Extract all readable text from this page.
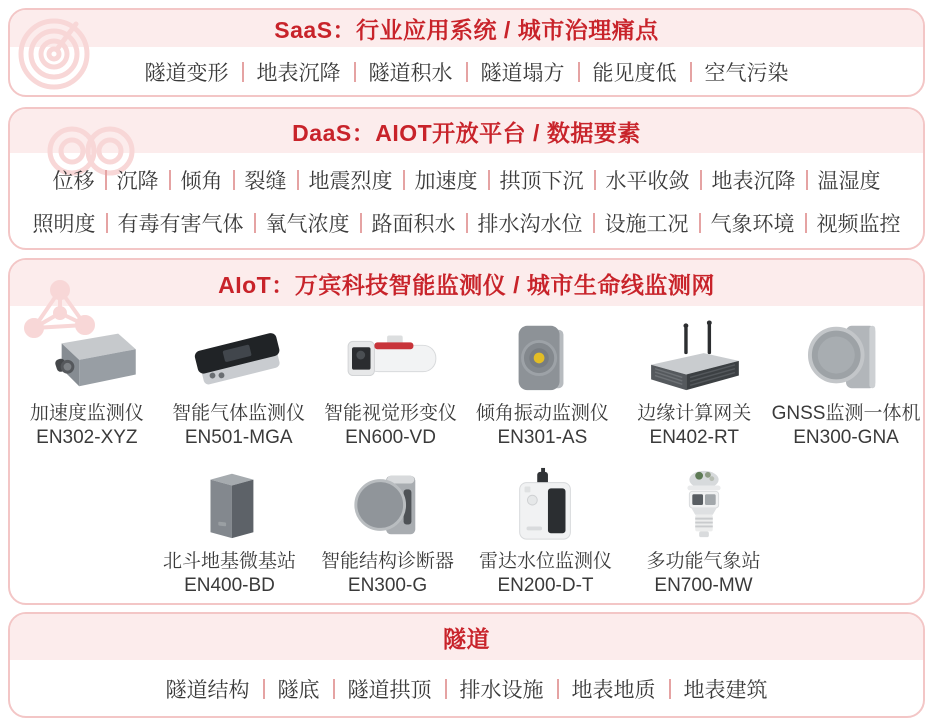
SaaS：行业应用系统 / 城市治理痛点
隧道变形 地表沉降 隧道积水 隧道塌方 能见度低 空气污染
DaaS：AIOT开放平台 / 数据要素
位移 沉降 倾角 裂缝 地震烈度 加速度 拱顶下沉 水平收敛 地表沉降 温湿度
照明度 有毒有害气体 氧气浓度 路面积水 排水沟水位 设施工况 气象环境 视频监控
AIoT：万宾科技智能监测仪 / 城市生命线监测网
加速度监测仪
EN302-XYZ
智能气体监测仪
EN501-MGA
智能视觉形变仪
EN600-VD
倾角振动监测仪
EN301-AS
边缘计算网关
EN402-RT
GNSS监测一体机
EN300-GNA
北斗地基微基站
EN400-BD
智能结构诊断器
EN300-G
雷达水位监测仪
EN200-D-T
多功能气象站
EN700-MW
隧道
隧道结构 隧底 隧道拱顶 排水设施 地表地质 地表建筑
